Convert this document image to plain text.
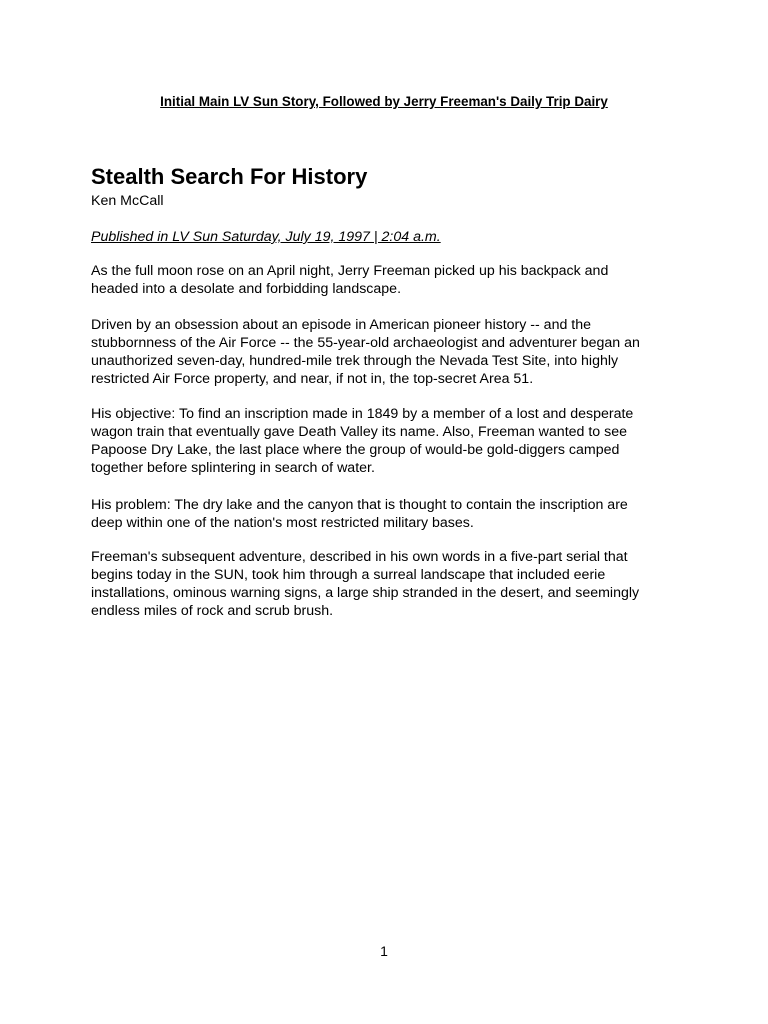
Initial Main LV Sun Story, Followed by Jerry Freeman's Daily Trip Dairy
Stealth Search For History
Ken McCall
Published in LV Sun Saturday, July 19, 1997 | 2:04 a.m.

As the full moon rose on an April night, Jerry Freeman picked up his backpack and
headed into a desolate and forbidding landscape.

Driven by an obsession about an episode in American pioneer history -- and the
stubbornness of the Air Force -- the 55-year-old archaeologist and adventurer began an
unauthorized seven-day, hundred-mile trek through the Nevada Test Site, into highly
restricted Air Force property, and near, if not in, the top-secret Area 51.

His objective: To find an inscription made in 1849 by a member of a lost and desperate
wagon train that eventually gave Death Valley its name. Also, Freeman wanted to see
Papoose Dry Lake, the last place where the group of would-be gold-diggers camped
together before splintering in search of water.

His problem: The dry lake and the canyon that is thought to contain the inscription are
deep within one of the nation's most restricted military bases.

Freeman's subsequent adventure, described in his own words in a five-part serial that
begins today in the SUN, took him through a surreal landscape that included eerie
installations, ominous warning signs, a large ship stranded in the desert, and seemingly
endless miles of rock and scrub brush.

1
